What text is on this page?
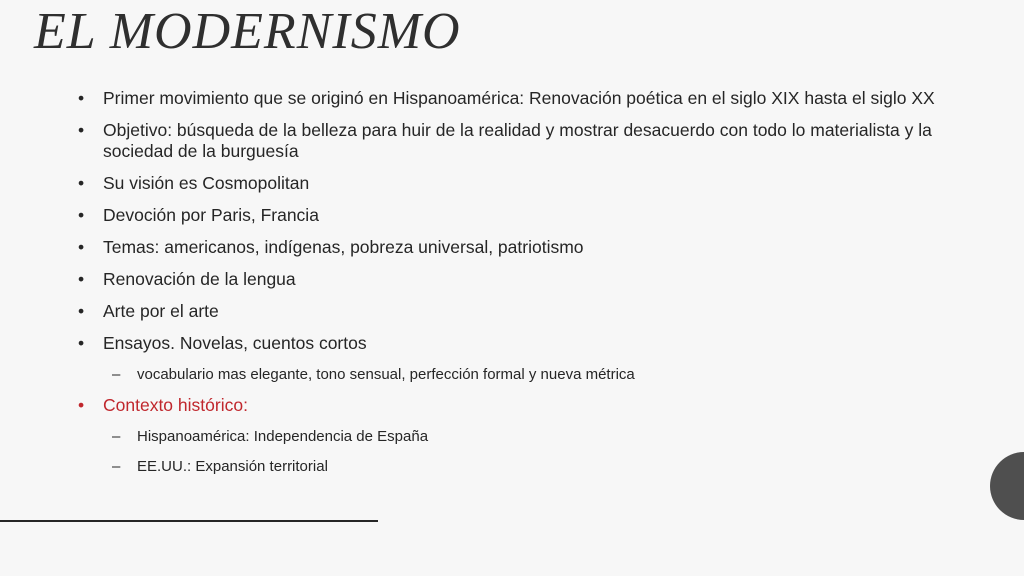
EL MODERNISMO
• Primer movimiento que se originó en Hispanoamérica: Renovación poética en el siglo XIX hasta el siglo XX
• Objetivo: búsqueda de la belleza para huir de la realidad y mostrar desacuerdo con todo lo materialista y la sociedad de la burguesía
• Su visión es Cosmopolitan
• Devoción por Paris, Francia
• Temas: americanos, indígenas, pobreza universal, patriotismo
• Renovación de la lengua
• Arte por el arte
• Ensayos. Novelas, cuentos cortos
– vocabulario mas elegante, tono sensual, perfección formal y nueva métrica
• Contexto histórico:
– Hispanoamérica: Independencia de España
– EE.UU.: Expansión territorial
